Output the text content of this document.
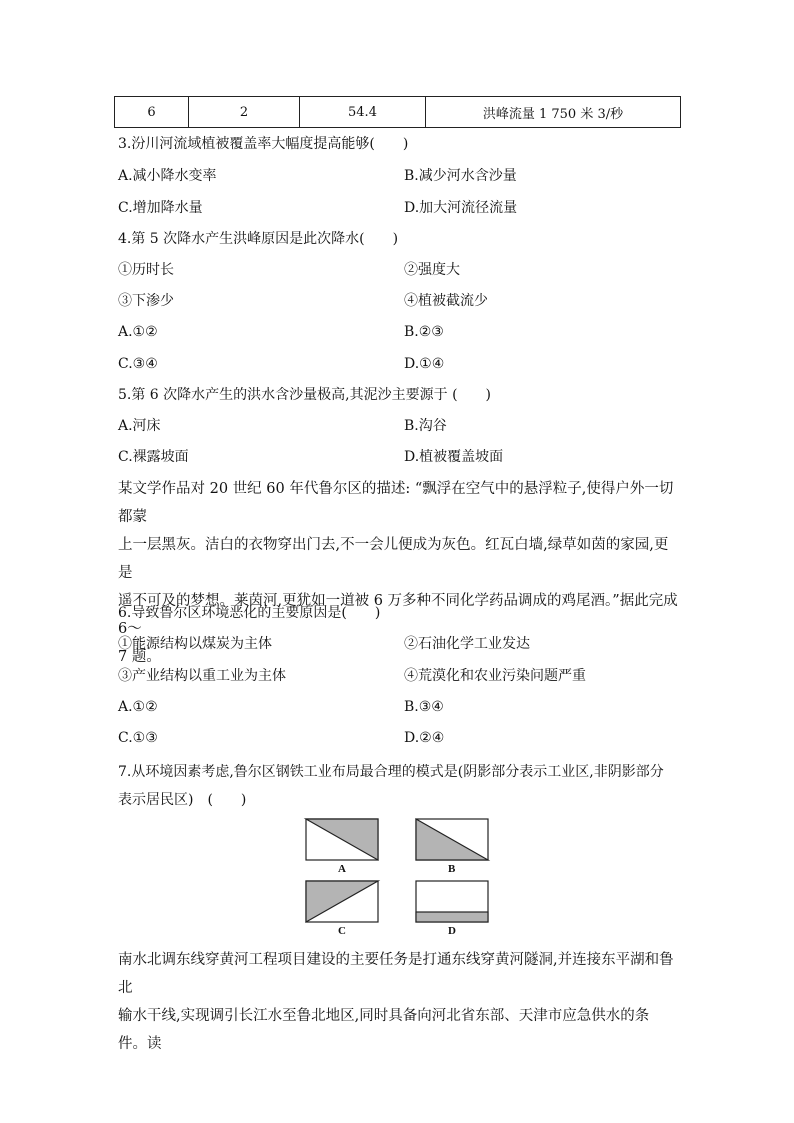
6	2	54.4	洪峰流量 1 750 米 3/秒
3.汾川河流域植被覆盖率大幅度提高能够(　　)
A.减小降水变率	B.减少河水含沙量
C.增加降水量	D.加大河流径流量
4.第 5 次降水产生洪峰原因是此次降水(　　)
①历时长	②强度大
③下渗少	④植被截流少
A.①②	B.②③
C.③④	D.①④
5.第 6 次降水产生的洪水含沙量极高,其泥沙主要源于 (　　)
A.河床	B.沟谷
C.裸露坡面	D.植被覆盖坡面
某文学作品对 20 世纪 60 年代鲁尔区的描述: “飘浮在空气中的悬浮粒子,使得户外一切都蒙
上一层黑灰。洁白的衣物穿出门去,不一会儿便成为灰色。红瓦白墙,绿草如茵的家园,更是
遥不可及的梦想。莱茵河,更犹如一道被 6 万多种不同化学药品调成的鸡尾酒。”据此完成6～
7 题。
6.导致鲁尔区环境恶化的主要原因是(　　)
①能源结构以煤炭为主体	②石油化学工业发达
③产业结构以重工业为主体	④荒漠化和农业污染问题严重
A.①②	B.③④
C.①③	D.②④
7.从环境因素考虑,鲁尔区钢铁工业布局最合理的模式是(阴影部分表示工业区,非阴影部分
表示居民区)　(　　)
A	B
C	D
南水北调东线穿黄河工程项目建设的主要任务是打通东线穿黄河隧洞,并连接东平湖和鲁北
输水干线,实现调引长江水至鲁北地区,同时具备向河北省东部、天津市应急供水的条件。读
